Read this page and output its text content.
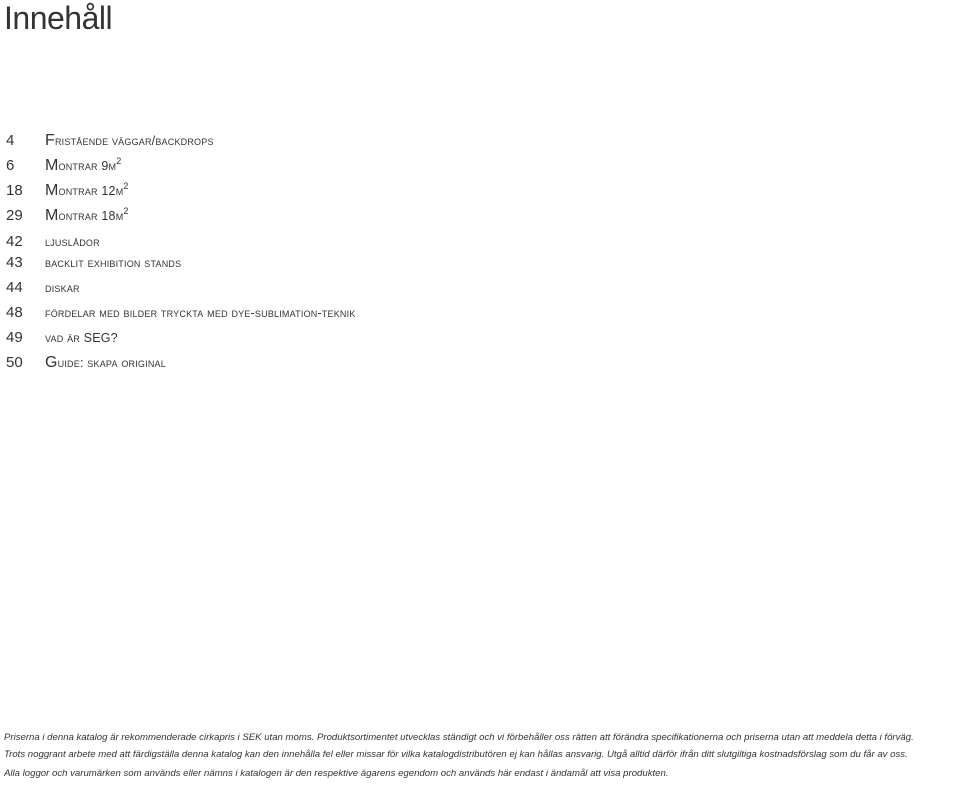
Innehåll
4 Fristående väggar/backdrops
6 Montrar $9m^2$
18 Montrar $12m^2$
29 Montrar $18m^2$
42 ljuslådor
43 backlit exhibition stands
44 diskar
48 fördelar med bilder tryckta med dye-sublimation-teknik
49 vad är SEG?
50 Guide: skapa original

Priserna i denna katalog är rekommenderade cirkapris i SEK utan moms. Produktsortimentet utvecklas ständigt och vi förbehåller oss rätten att förändra specifikationerna och priserna utan att meddela detta i förväg.

Trots noggrant arbete med att färdigställa denna katalog kan den innehålla fel eller missar för vilka katalogdistributören ej kan hållas ansvarig. Utgå alltid därför ifrån ditt slutgiltiga kostnadsförslag som du får av oss.

Alla loggor och varumärken som används eller nämns i katalogen är den respektive ägarens egendom och används här endast i ändamål att visa produkten.
